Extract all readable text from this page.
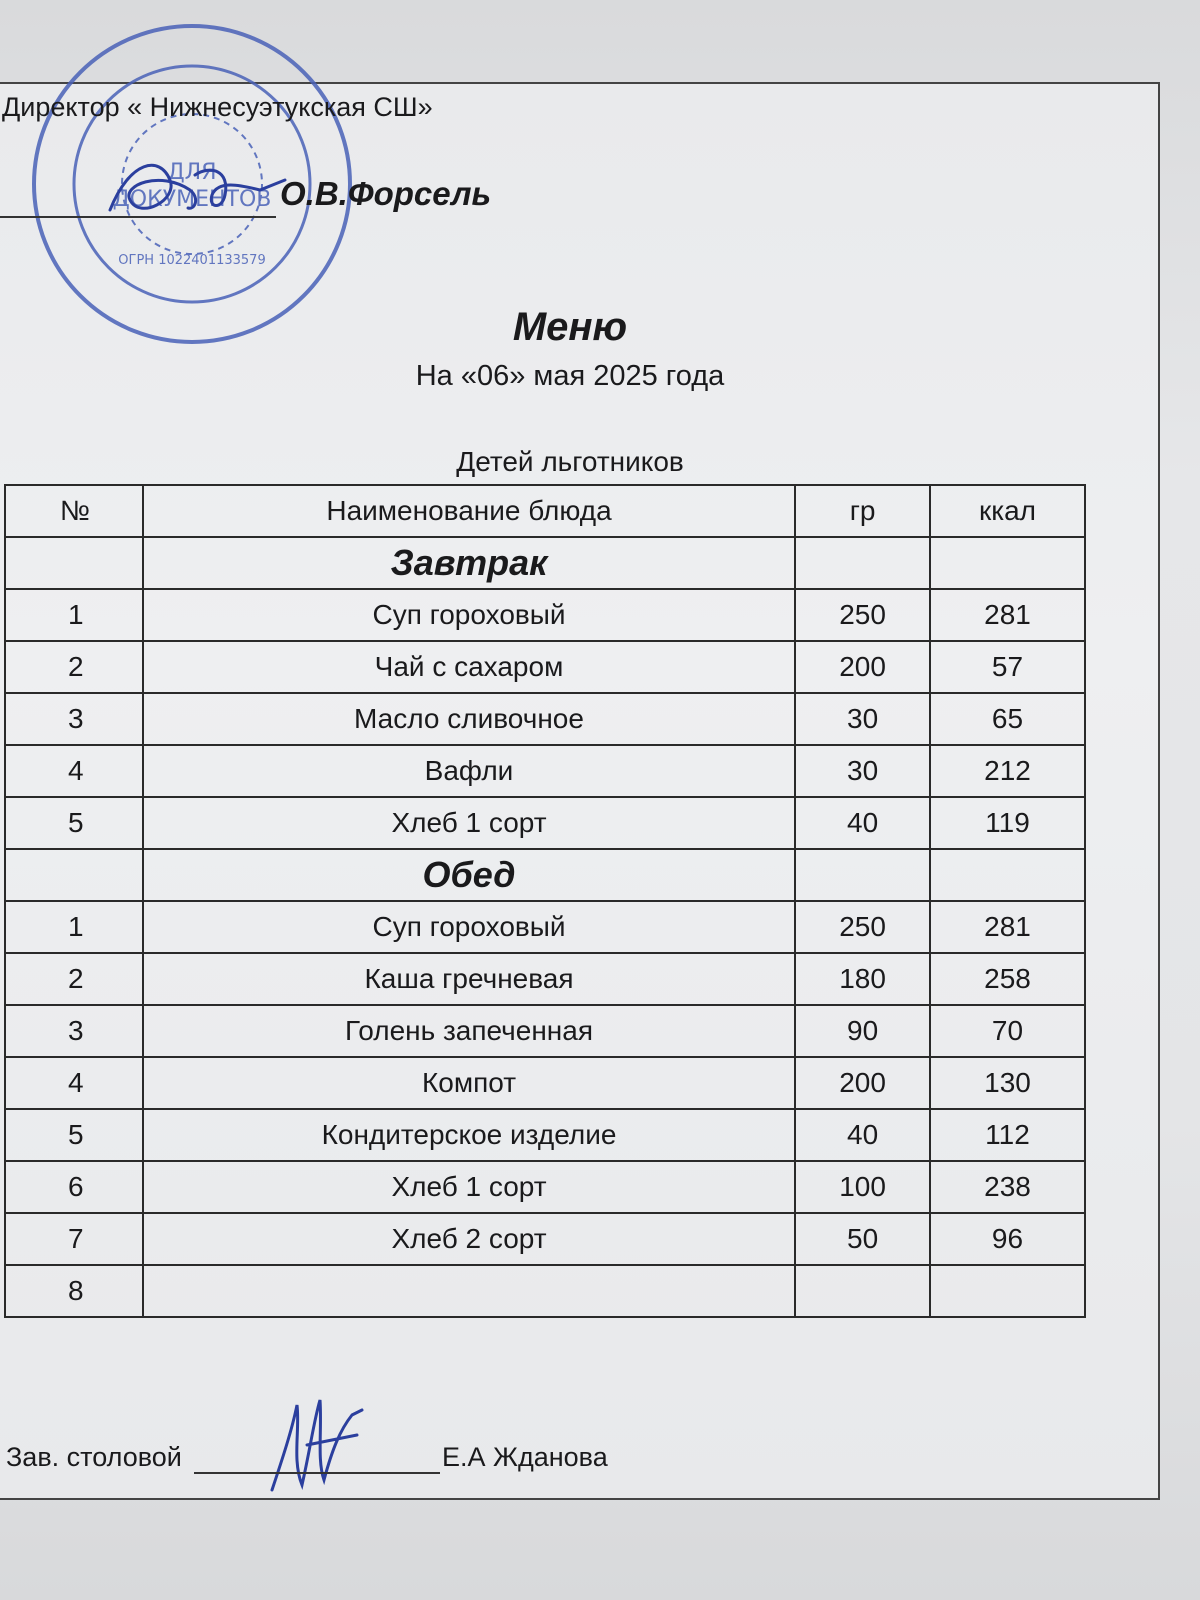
ДЛЯ
ДОКУМЕНТОВ
ОГРН 1022401133579
Директор « Нижнесуэтукская СШ»
О.В.Форсель
Меню
На «06» мая 2025 года
Детей льготников
№	Наименование блюда	гр	ккал
	Завтрак		
1	Суп гороховый	250	281
2	Чай с сахаром	200	57
3	Масло сливочное	30	65
4	Вафли	30	212
5	Хлеб 1 сорт	40	119
	Обед		
1	Суп гороховый	250	281
2	Каша гречневая	180	258
3	Голень запеченная	90	70
4	Компот	200	130
5	Кондитерское изделие	40	112
6	Хлеб 1 сорт	100	238
7	Хлеб 2 сорт	50	96
8			
Зав. столовой	Е.А Жданова
